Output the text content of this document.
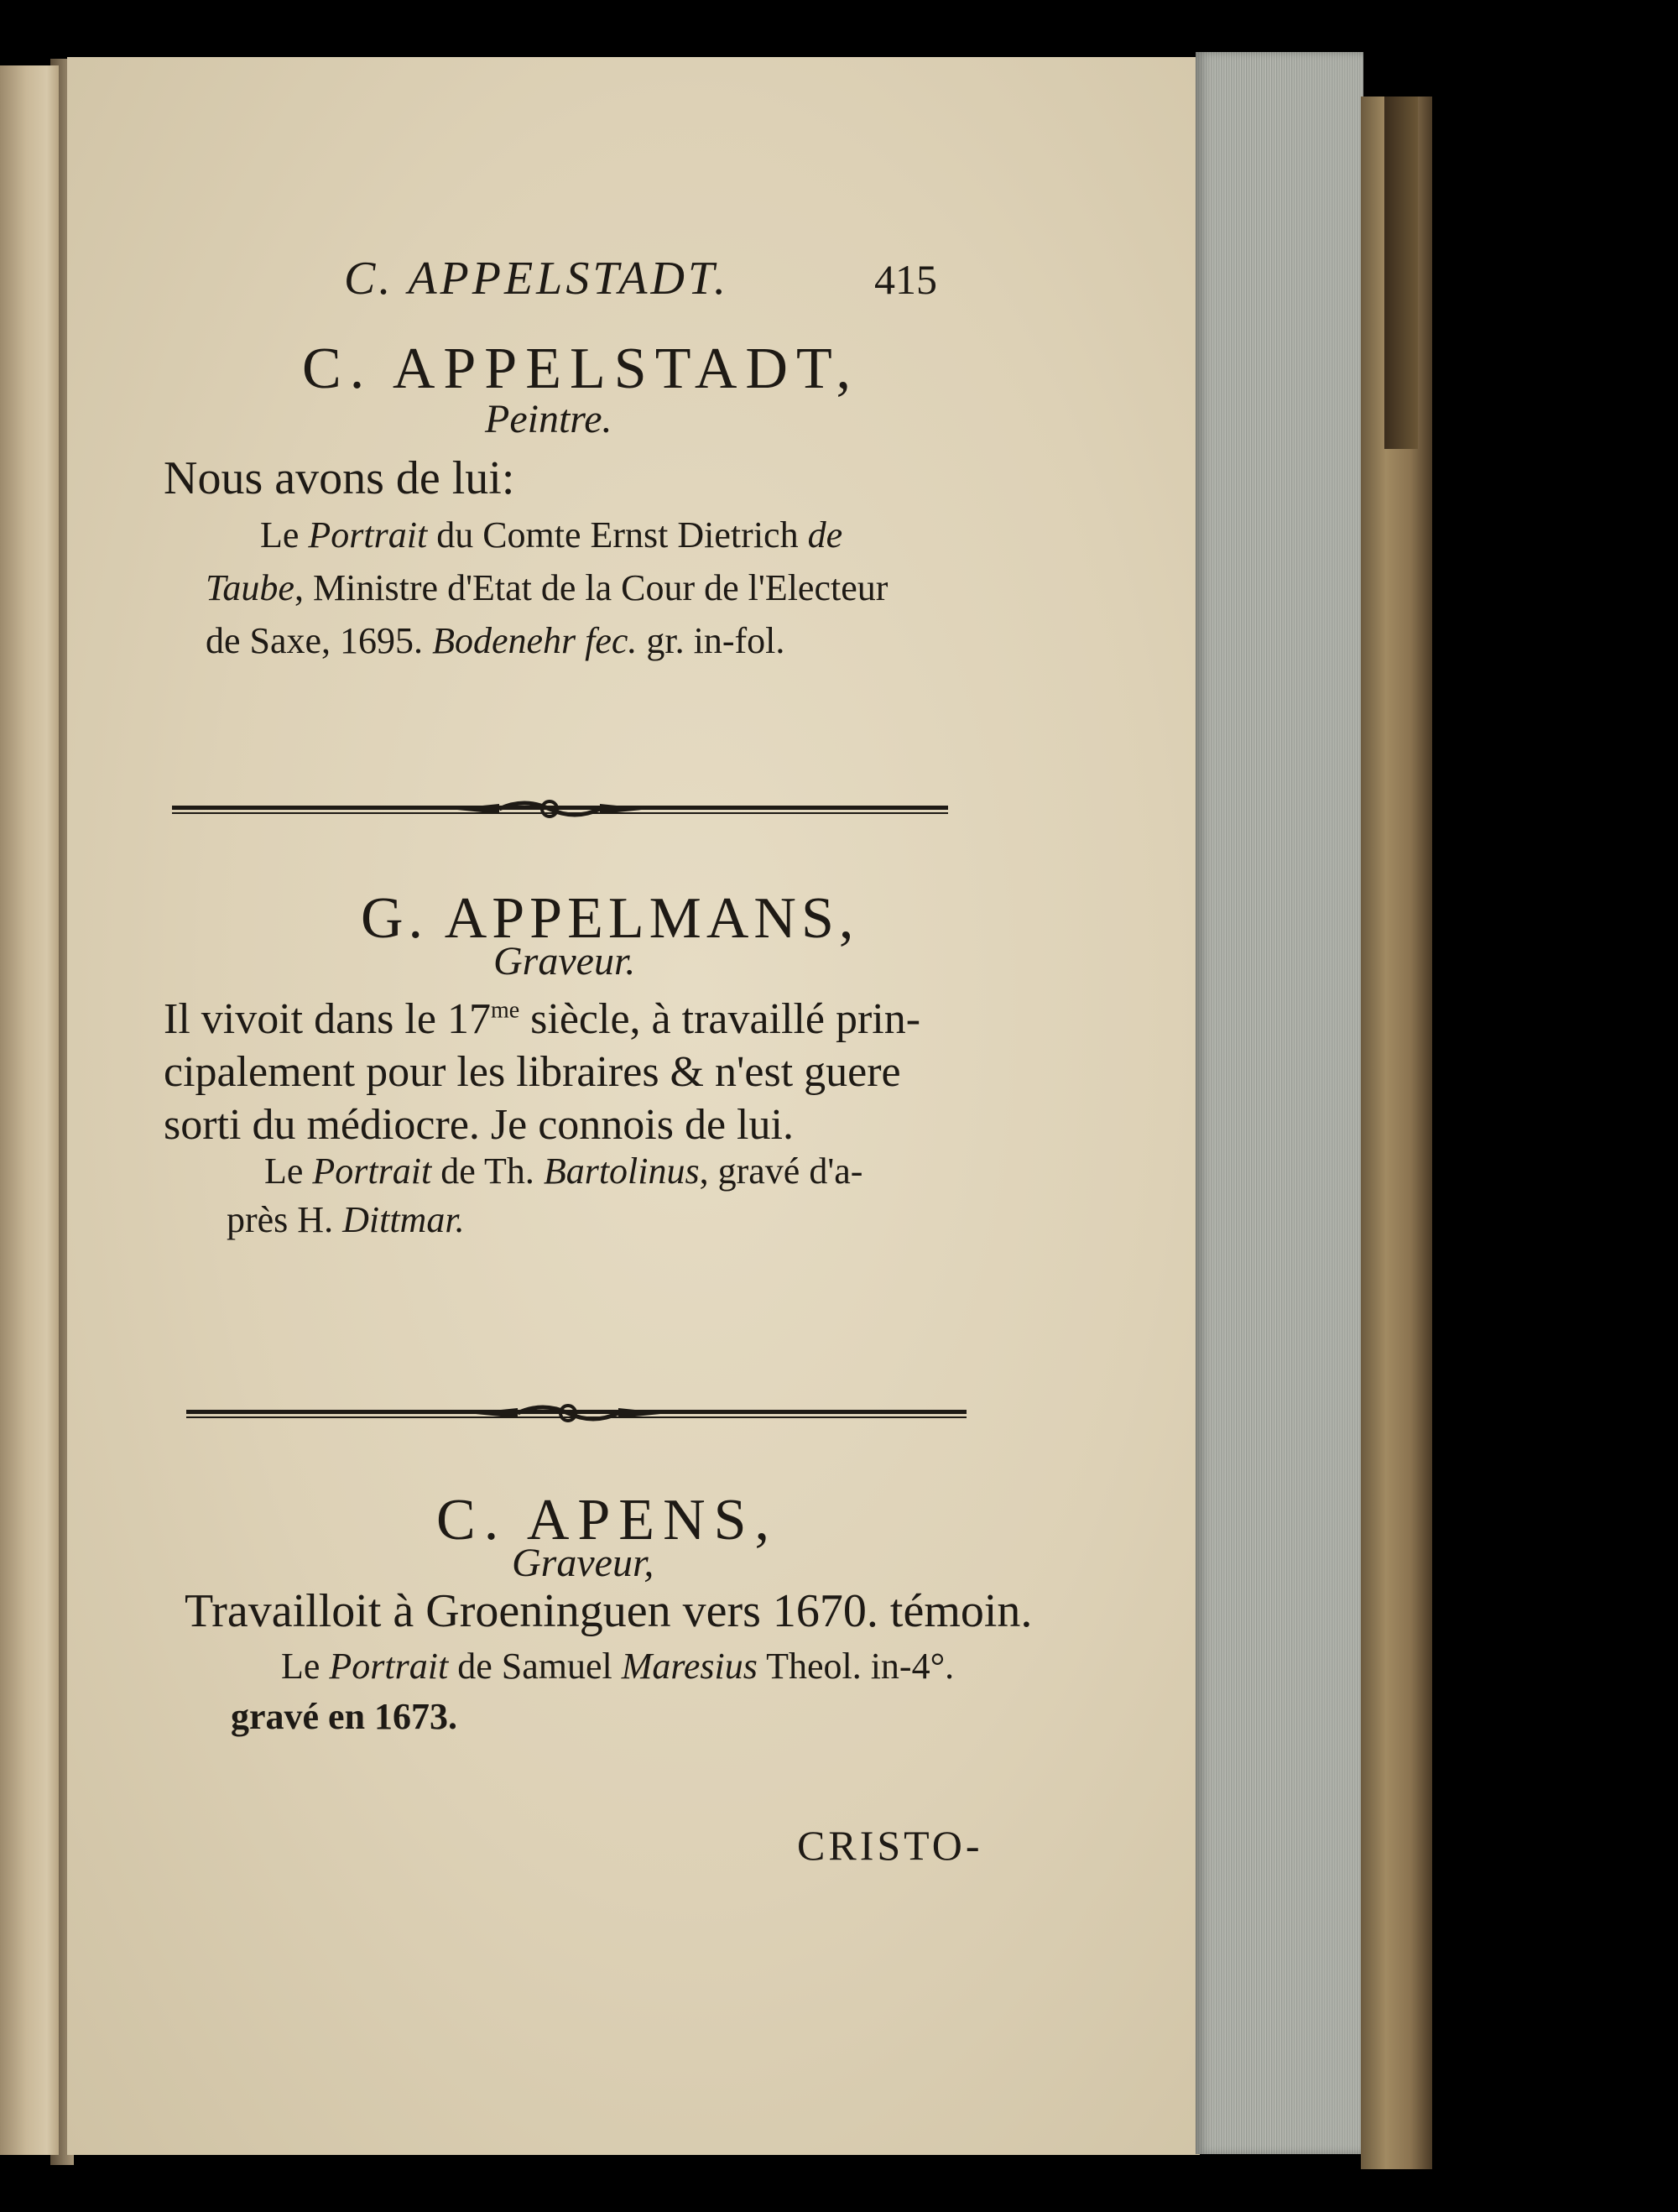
C. APPELSTADT.	415
C. APPELSTADT,
Peintre.
Nous avons de lui:
Le Portrait du Comte Ernst Dietrich de
Taube, Ministre d'Etat de la Cour de l'Electeur
de Saxe, 1695. Bodenehr fec. gr. in-fol.
G. APPELMANS,
Graveur.
Il vivoit dans le $17^{me}$ siècle, à travaillé prin-
cipalement pour les libraires & n'est guere
sorti du médiocre. Je connois de lui.
Le Portrait de Th. Bartolinus, gravé d'a-
près H. Dittmar.
C. APENS,
Graveur,
Travailloit à Groeninguen vers 1670. témoin.
Le Portrait de Samuel Maresius Theol. in-4°.
gravé en 1673.
CRISTO-
